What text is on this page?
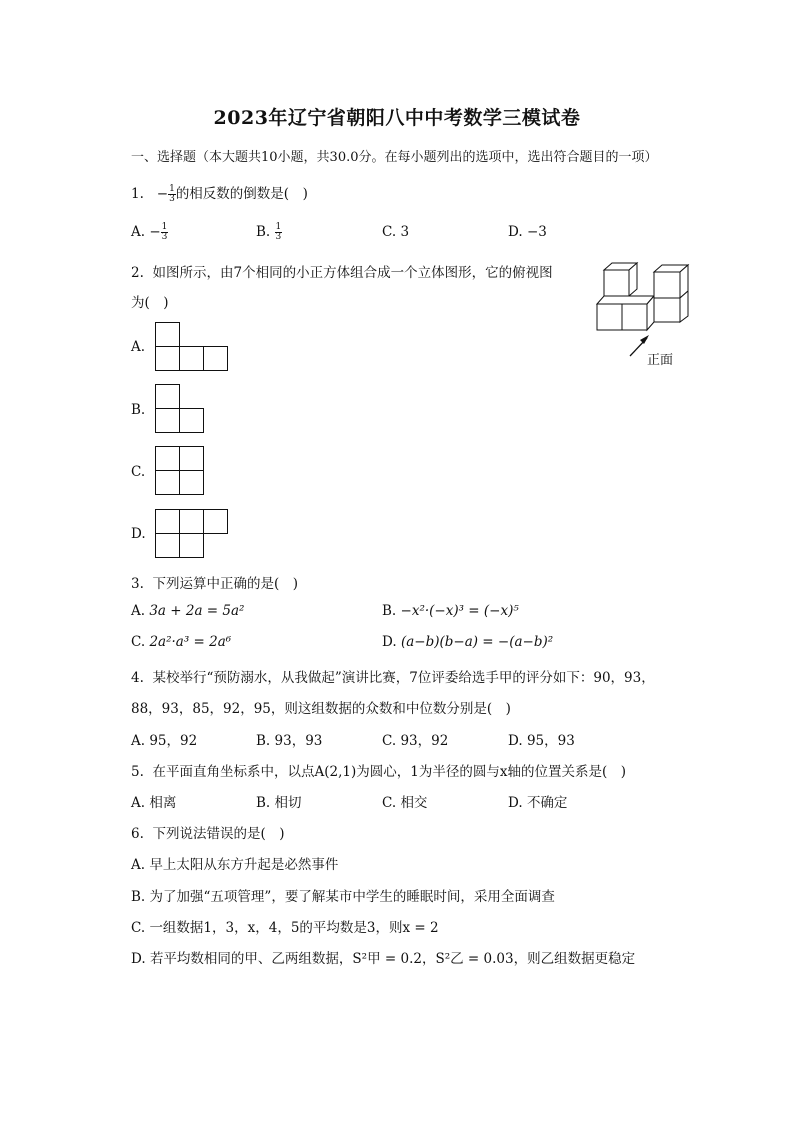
2023年辽宁省朝阳八中中考数学三模试卷
一、选择题（本大题共10小题，共30.0分。在每小题列出的选项中，选出符合题目的一项）
1. − $\frac{1}{3}$ 的相反数的倒数是(　)
A. − $\frac{1}{3}$	B. $\frac{1}{3}$	C. 3	D. −3
2. 如图所示，由7个相同的小正方体组合成一个立体图形，它的俯视图
为(　)
正面
A.
B.
C.
D.
3. 下列运算中正确的是(　)
A. 3a + 2a = 5a²	B. −x²·(−x)³ = (−x)⁵
C. 2a²·a³ = 2a⁶	D. (a−b)(b−a) = −(a−b)²
4. 某校举行“预防溺水，从我做起”演讲比赛，7位评委给选手甲的评分如下：90，93，
88，93，85，92，95，则这组数据的众数和中位数分别是(　)
A. 95，92	B. 93，93	C. 93，92	D. 95，93
5. 在平面直角坐标系中，以点A(2,1)为圆心，1为半径的圆与x轴的位置关系是(　)
A. 相离	B. 相切	C. 相交	D. 不确定
6. 下列说法错误的是(　)
A. 早上太阳从东方升起是必然事件
B. 为了加强“五项管理”，要了解某市中学生的睡眠时间，采用全面调查
C. 一组数据1，3，x，4，5的平均数是3，则x = 2
D. 若平均数相同的甲、乙两组数据，S²甲 = 0.2，S²乙 = 0.03，则乙组数据更稳定
